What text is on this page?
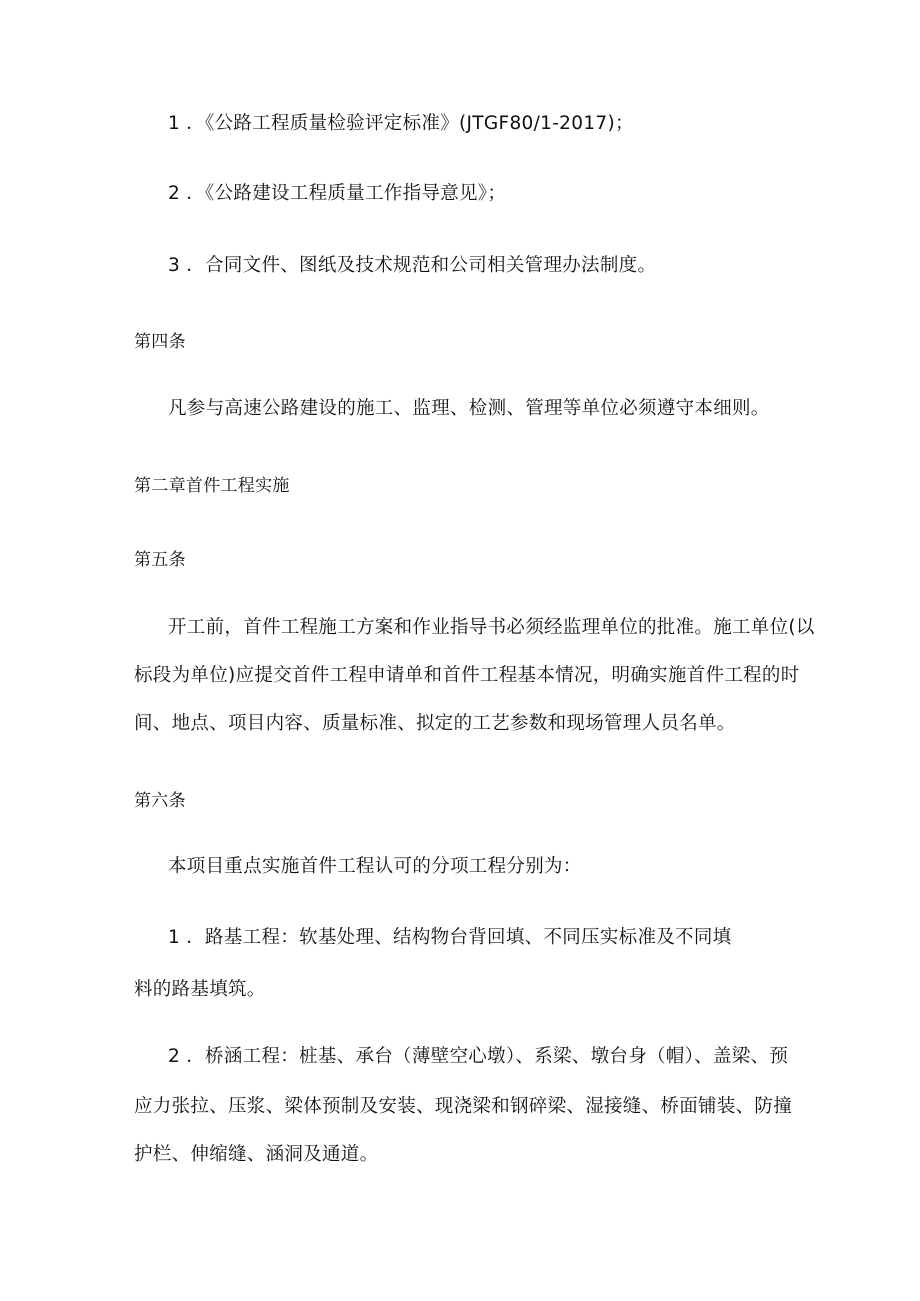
1 ．《公路工程质量检验评定标准》(JTGF80/1-2017)；
2 ．《公路建设工程质量工作指导意见》；
3 ．合同文件、图纸及技术规范和公司相关管理办法制度。
第四条
凡参与高速公路建设的施工、监理、检测、管理等单位必须遵守本细则。
第二章首件工程实施
第五条
开工前，首件工程施工方案和作业指导书必须经监理单位的批准。施工单位(以
标段为单位)应提交首件工程申请单和首件工程基本情况，明确实施首件工程的时
间、地点、项目内容、质量标准、拟定的工艺参数和现场管理人员名单。
第六条
本项目重点实施首件工程认可的分项工程分别为：
1 ．路基工程：软基处理、结构物台背回填、不同压实标准及不同填
料的路基填筑。
2 ．桥涵工程：桩基、承台（薄壁空心墩）、系梁、墩台身（帽）、盖梁、预
应力张拉、压浆、梁体预制及安装、现浇梁和钢碎梁、湿接缝、桥面铺装、防撞
护栏、伸缩缝、涵洞及通道。
